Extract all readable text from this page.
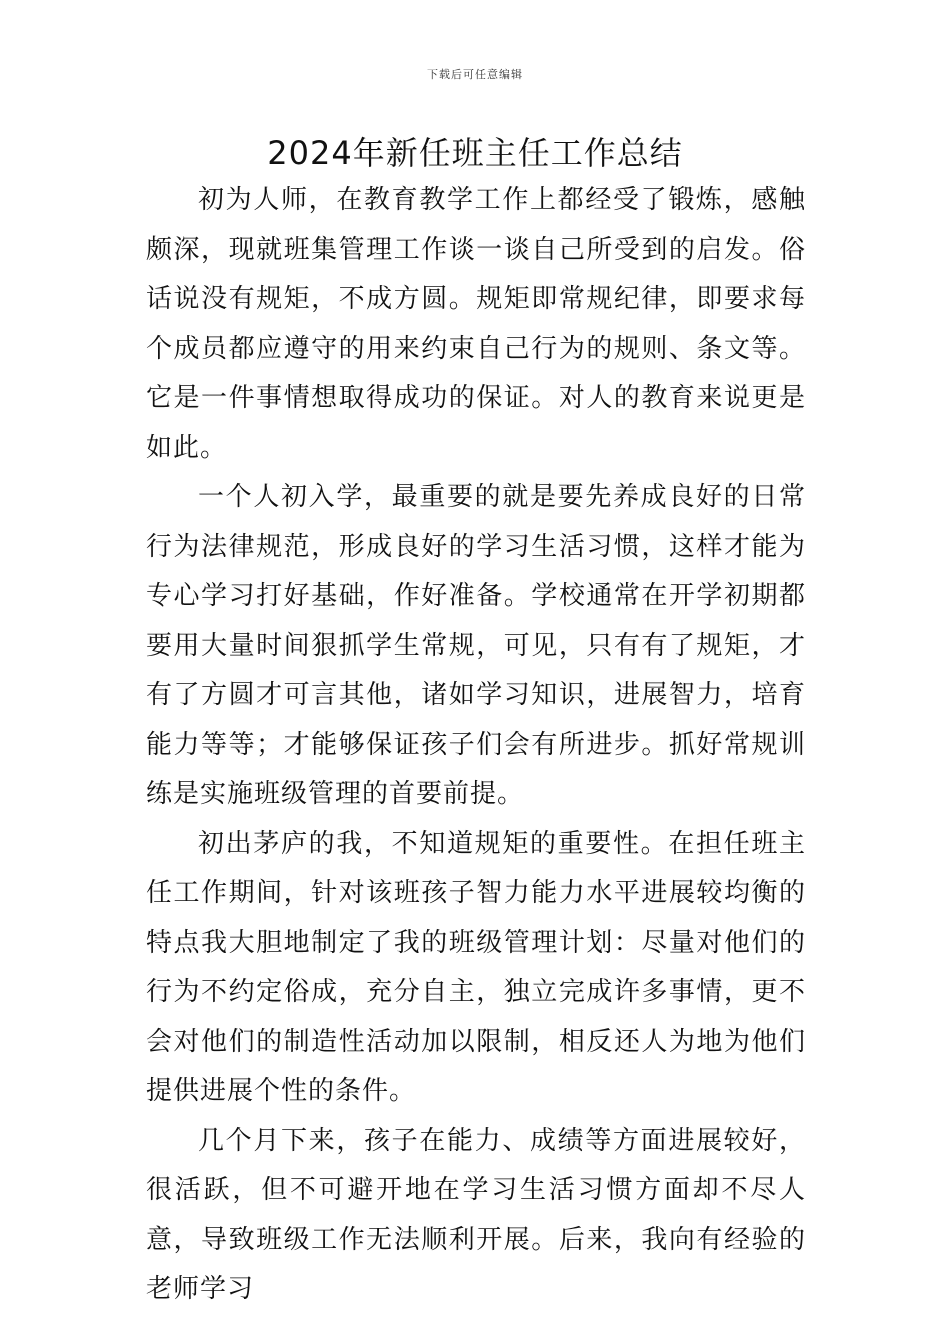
下载后可任意编辑
2024年新任班主任工作总结

初为人师，在教育教学工作上都经受了锻炼，感触颇深，现就班集管理工作谈一谈自己所受到的启发。俗话说没有规矩，不成方圆。规矩即常规纪律，即要求每个成员都应遵守的用来约束自己行为的规则、条文等。它是一件事情想取得成功的保证。对人的教育来说更是如此。

一个人初入学，最重要的就是要先养成良好的日常行为法律规范，形成良好的学习生活习惯，这样才能为专心学习打好基础，作好准备。学校通常在开学初期都要用大量时间狠抓学生常规，可见，只有有了规矩，才有了方圆才可言其他，诸如学习知识，进展智力，培育能力等等；才能够保证孩子们会有所进步。抓好常规训练是实施班级管理的首要前提。

初出茅庐的我，不知道规矩的重要性。在担任班主任工作期间，针对该班孩子智力能力水平进展较均衡的特点我大胆地制定了我的班级管理计划：尽量对他们的行为不约定俗成，充分自主，独立完成许多事情，更不会对他们的制造性活动加以限制，相反还人为地为他们提供进展个性的条件。

几个月下来，孩子在能力、成绩等方面进展较好，很活跃，但不可避开地在学习生活习惯方面却不尽人意，导致班级工作无法顺利开展。后来，我向有经验的老师学习
